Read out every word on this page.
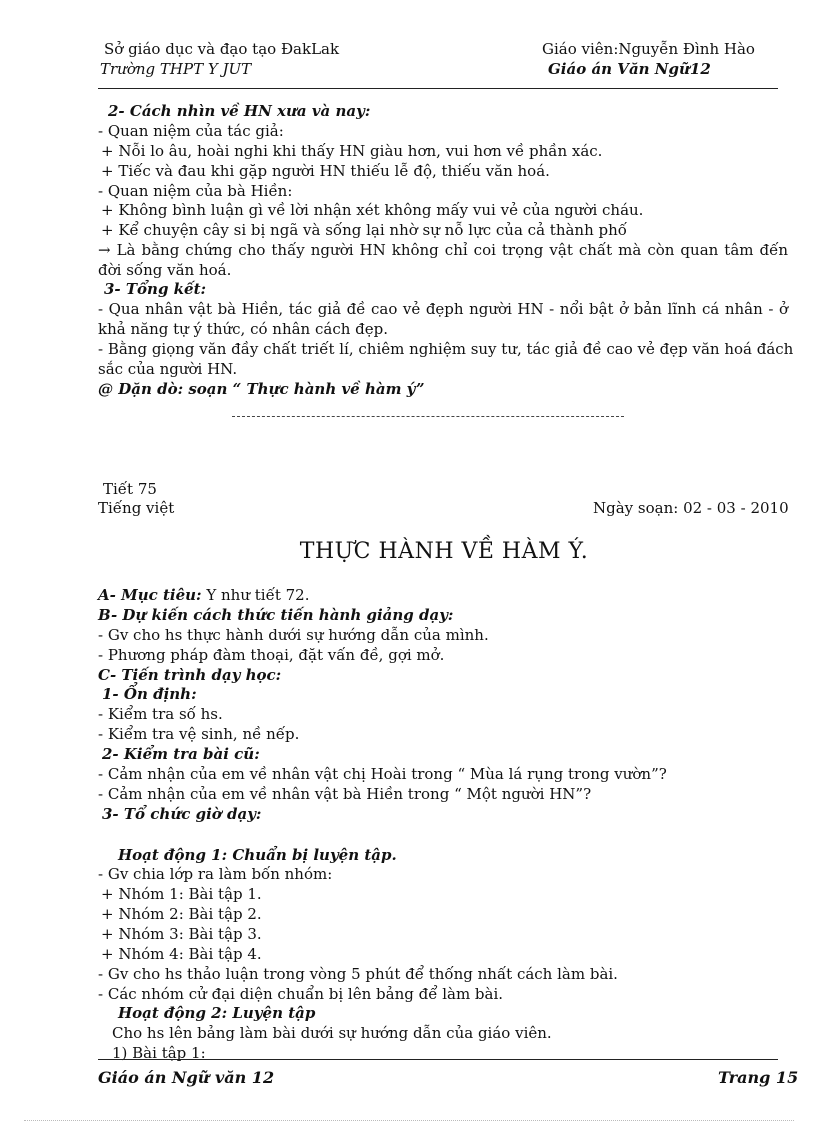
Sở giáo dục và đạo tạo ĐakLak	Giáo viên:Nguyễn Đình Hào
Trường THPT Y JUT	Giáo án Văn Ngữ12
2- Cách nhìn về HN xưa và nay:
- Quan niệm của tác giả:
+ Nỗi lo âu, hoài nghi khi thấy HN giàu hơn, vui hơn về phần xác.
+ Tiếc và đau khi gặp người HN thiếu lễ độ, thiếu văn hoá.
- Quan niệm của bà Hiền:
+ Không bình luận gì về lời nhận xét không mấy vui vẻ của người cháu.
+ Kể chuyện cây si bị ngã và sống lại nhờ sự nỗ lực của cả thành phố
→ Là bằng chứng cho thấy người HN không chỉ coi trọng vật chất mà còn quan tâm đến
đời sống văn hoá.
3- Tổng kết:
- Qua nhân vật bà Hiền, tác giả đề cao vẻ đẹph người HN - nổi bật ở bản lĩnh cá nhân - ở
khả năng tự ý thức, có nhân cách đẹp.
- Bằng giọng văn đầy chất triết lí, chiêm nghiệm suy tư, tác giả đề cao vẻ đẹp văn hoá đách
sắc của người HN.
@ Dặn dò: soạn “ Thực hành về hàm ý”
Tiết 75
Tiếng việt	Ngày soạn: 02 - 03 - 2010
THỰC HÀNH VỀ HÀM Ý.
A- Mục tiêu: Y như tiết 72.
B- Dự kiến cách thức tiến hành giảng dạy:
- Gv cho hs thực hành dưới sự hướng dẫn của mình.
- Phương pháp đàm thoại, đặt vấn đề, gợi mở.
C- Tiến trình dạy học:
1- Ổn định:
- Kiểm tra số hs.
- Kiểm tra vệ sinh, nề nếp.
2- Kiểm tra bài cũ:
- Cảm nhận của em về nhân vật chị Hoài trong “ Mùa lá rụng trong vườn”?
- Cảm nhận của em về nhân vật bà Hiền trong “ Một người HN”?
3- Tổ chức giờ dạy:
Hoạt động 1: Chuẩn bị luyện tập.
- Gv chia lớp ra làm bốn nhóm:
+ Nhóm 1: Bài tập 1.
+ Nhóm 2: Bài tập 2.
+ Nhóm 3: Bài tập 3.
+ Nhóm 4: Bài tập 4.
- Gv cho hs thảo luận trong vòng 5 phút để thống nhất cách làm bài.
- Các nhóm cử đại diện chuẩn bị lên bảng để làm bài.
Hoạt động 2: Luyện tập
Cho hs lên bảng làm bài dưới sự hướng dẫn của giáo viên.
1) Bài tập 1:
Giáo án Ngữ văn 12	Trang 15
